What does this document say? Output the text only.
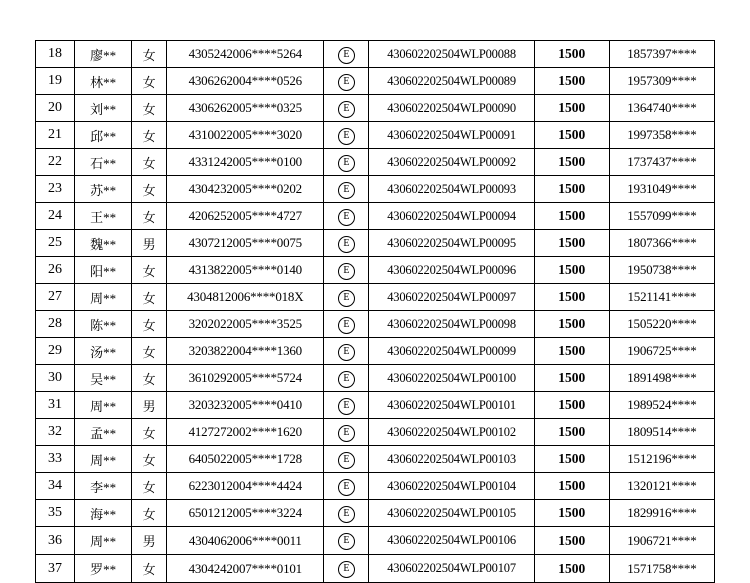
18	廖**	女	4305242006****5264	E	430602202504WLP00088	1500	1857397****
19	林**	女	4306262004****0526	E	430602202504WLP00089	1500	1957309****
20	刘**	女	4306262005****0325	E	430602202504WLP00090	1500	1364740****
21	邱**	女	4310022005****3020	E	430602202504WLP00091	1500	1997358****
22	石**	女	4331242005****0100	E	430602202504WLP00092	1500	1737437****
23	苏**	女	4304232005****0202	E	430602202504WLP00093	1500	1931049****
24	王**	女	4206252005****4727	E	430602202504WLP00094	1500	1557099****
25	魏**	男	4307212005****0075	E	430602202504WLP00095	1500	1807366****
26	阳**	女	4313822005****0140	E	430602202504WLP00096	1500	1950738****
27	周**	女	4304812006****018X	E	430602202504WLP00097	1500	1521141****
28	陈**	女	3202022005****3525	E	430602202504WLP00098	1500	1505220****
29	汤**	女	3203822004****1360	E	430602202504WLP00099	1500	1906725****
30	吴**	女	3610292005****5724	E	430602202504WLP00100	1500	1891498****
31	周**	男	3203232005****0410	E	430602202504WLP00101	1500	1989524****
32	孟**	女	4127272002****1620	E	430602202504WLP00102	1500	1809514****
33	周**	女	6405022005****1728	E	430602202504WLP00103	1500	1512196****
34	李**	女	6223012004****4424	E	430602202504WLP00104	1500	1320121****
35	海**	女	6501212005****3224	E	430602202504WLP00105	1500	1829916****
36	周**	男	4304062006****0011	E	430602202504WLP00106	1500	1906721****
37	罗**	女	4304242007****0101	E	430602202504WLP00107	1500	1571758****
